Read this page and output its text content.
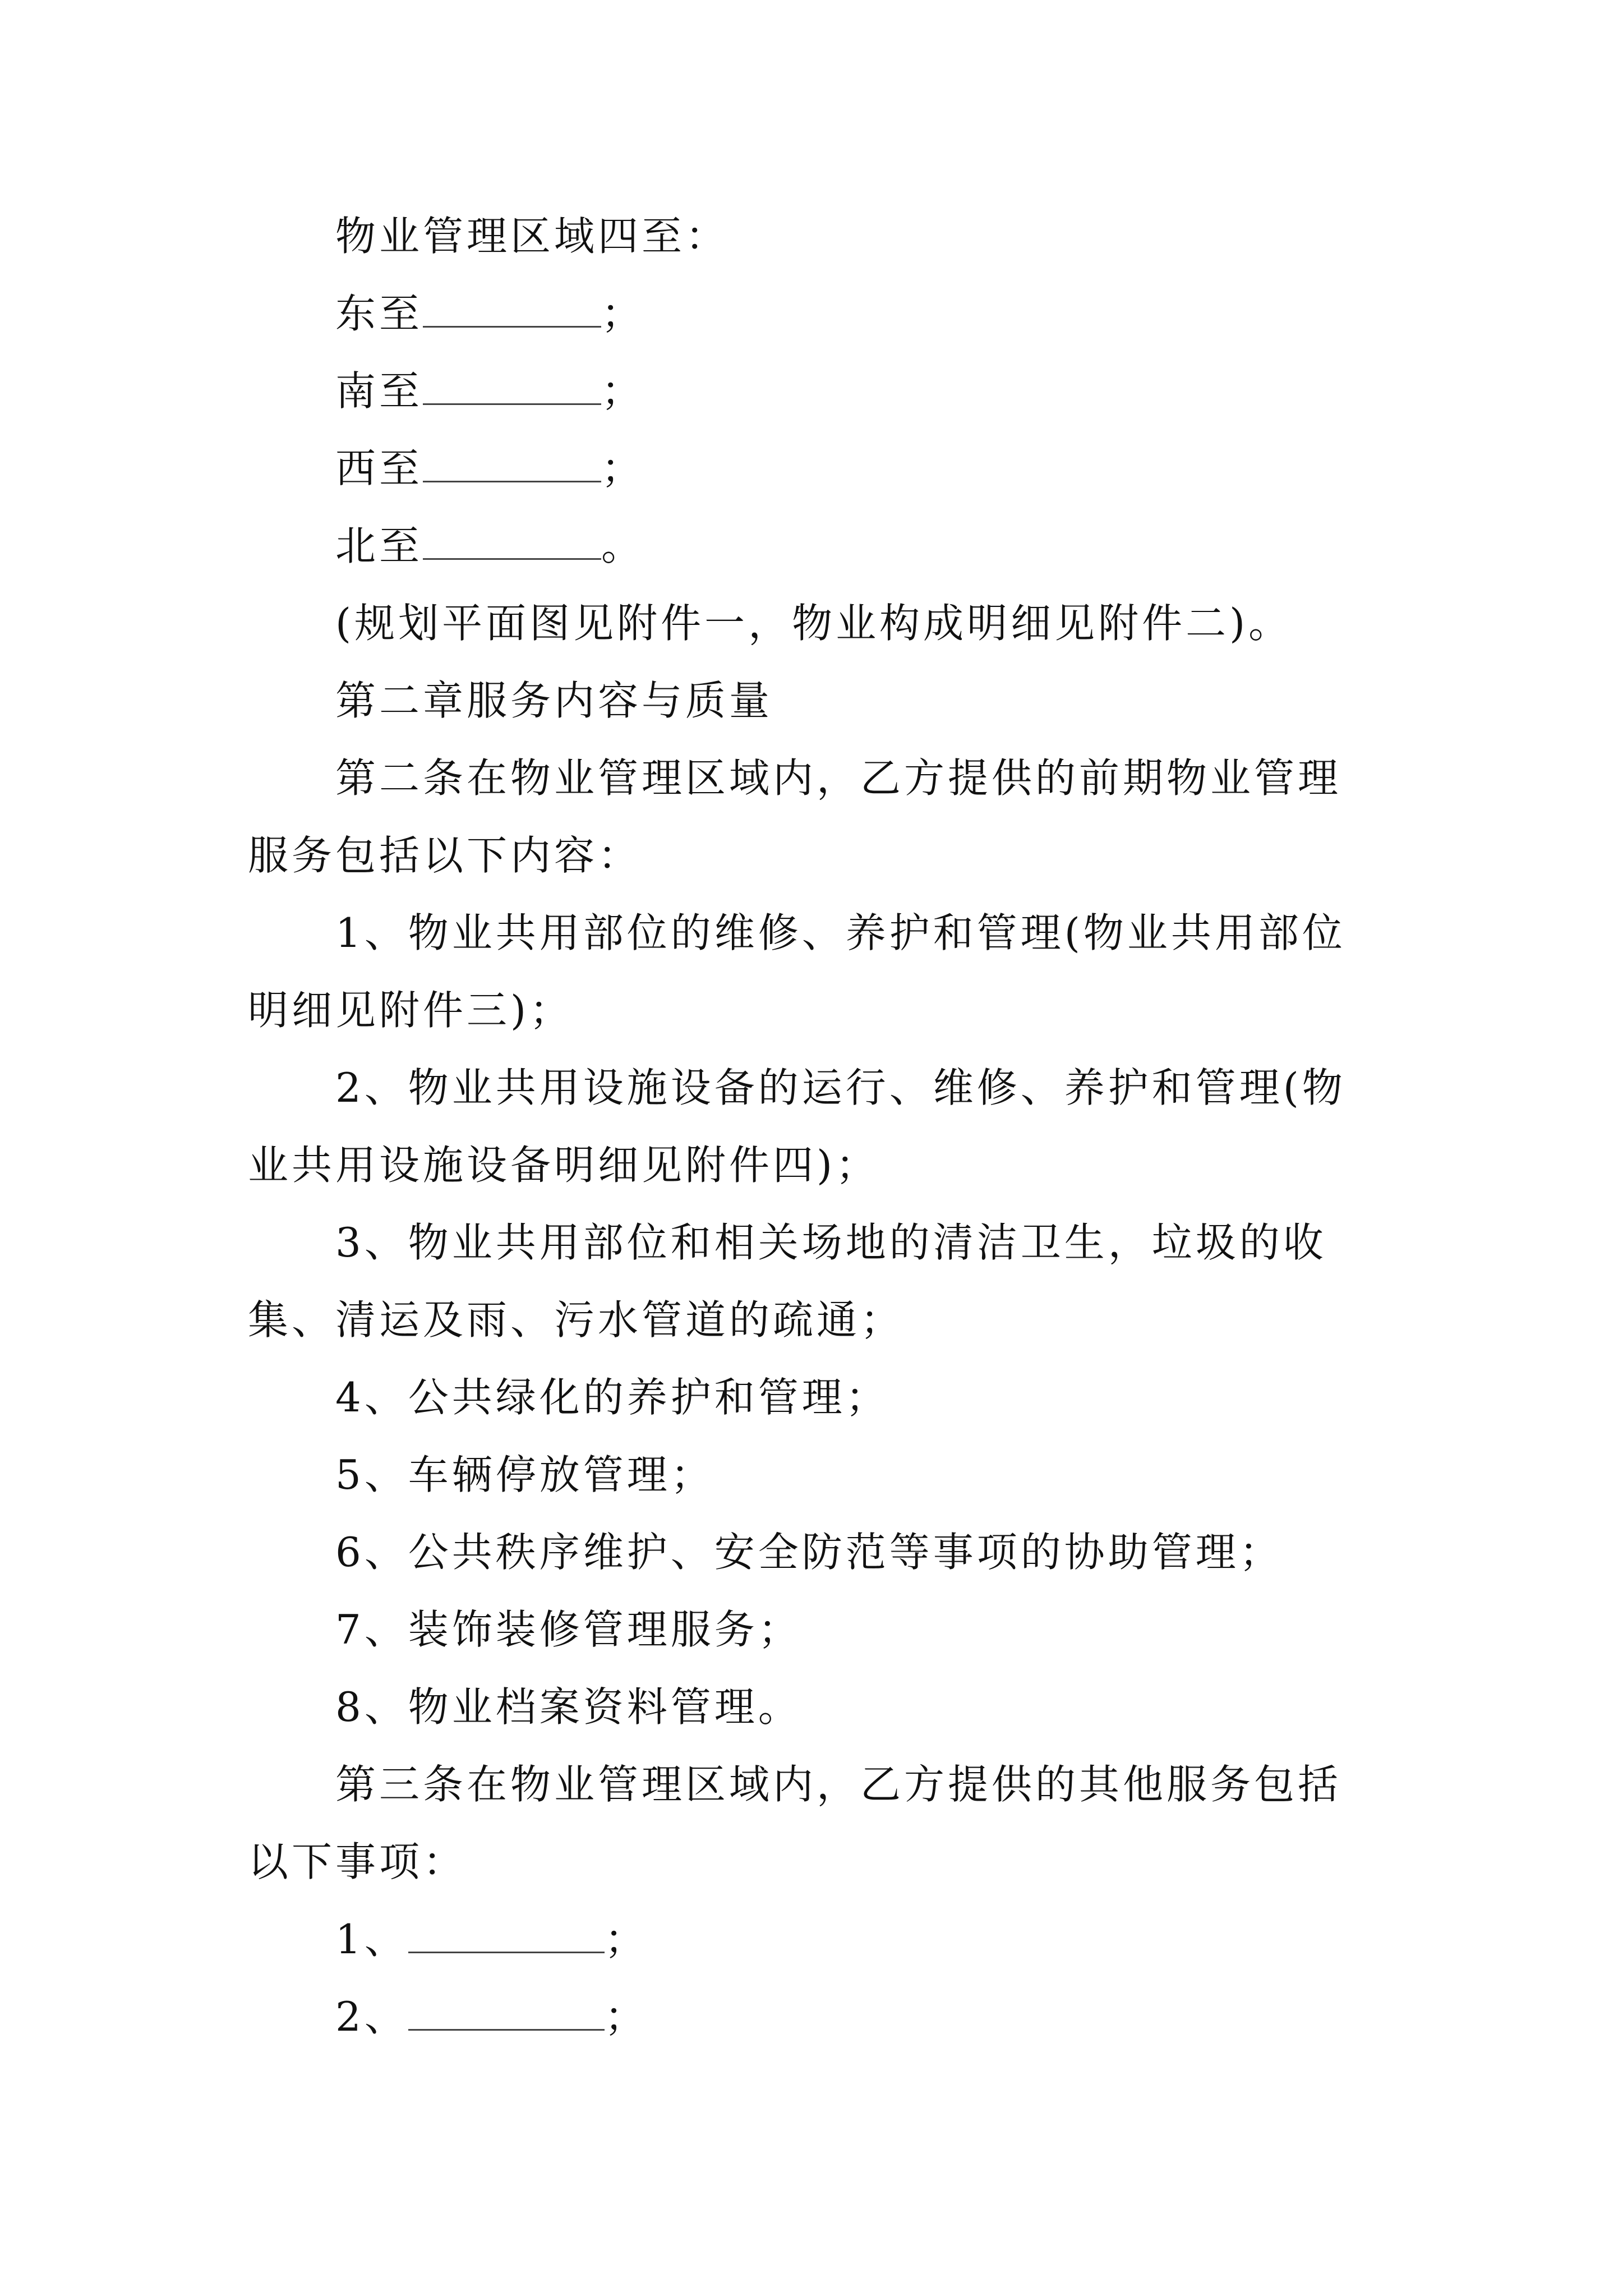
物业管理区域四至：

东至	；

南至	；

西至	；

北至	。

(规划平面图见附件一，物业构成明细见附件二)。

第二章服务内容与质量

第二条在物业管理区域内，乙方提供的前期物业管理服务包括以下内容：

1、物业共用部位的维修、养护和管理(物业共用部位明细见附件三)；

2、物业共用设施设备的运行、维修、养护和管理(物业共用设施设备明细见附件四)；

3、物业共用部位和相关场地的清洁卫生，垃圾的收集、清运及雨、污水管道的疏通；

4、公共绿化的养护和管理；

5、车辆停放管理；

6、公共秩序维护、安全防范等事项的协助管理；

7、装饰装修管理服务；

8、物业档案资料管理。

第三条在物业管理区域内，乙方提供的其他服务包括以下事项：

1、	；

2、	；
